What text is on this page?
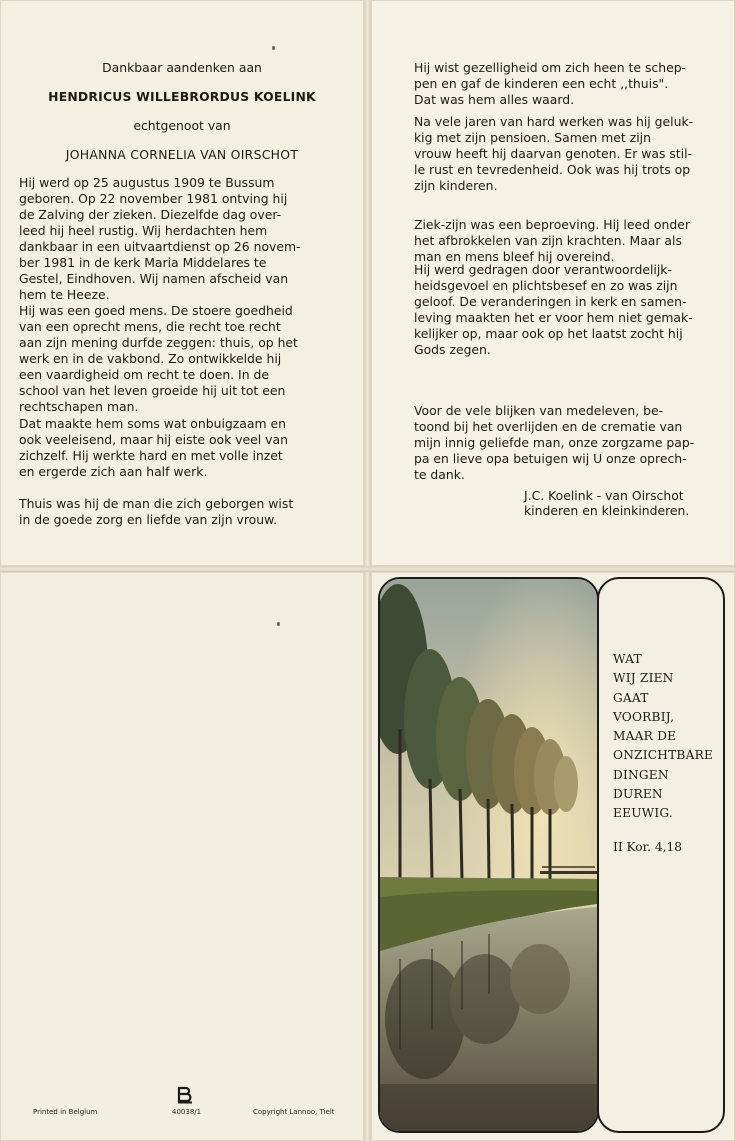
Dankbaar aandenken aan
HENDRICUS WILLEBRORDUS KOELINK
echtgenoot van
JOHANNA CORNELIA VAN OIRSCHOT
Hij werd op 25 augustus 1909 te Bussum
geboren. Op 22 november 1981 ontving hij
de Zalving der zieken. Diezelfde dag over-
leed hij heel rustig. Wij herdachten hem
dankbaar in een uitvaartdienst op 26 novem-
ber 1981 in de kerk Maria Middelares te
Gestel, Eindhoven. Wij namen afscheid van
hem te Heeze.
Hij was een goed mens. De stoere goedheid
van een oprecht mens, die recht toe recht
aan zijn mening durfde zeggen: thuis, op het
werk en in de vakbond. Zo ontwikkelde hij
een vaardigheid om recht te doen. In de
school van het leven groeide hij uit tot een
rechtschapen man.
Dat maakte hem soms wat onbuigzaam en
ook veeleisend, maar hij eiste ook veel van
zichzelf. Hij werkte hard en met volle inzet
en ergerde zich aan half werk.
Thuis was hij de man die zich geborgen wist
in de goede zorg en liefde van zijn vrouw.
Hij wist gezelligheid om zich heen te schep-
pen en gaf de kinderen een echt ,,thuis".
Dat was hem alles waard.
Na vele jaren van hard werken was hij geluk-
kig met zijn pensioen. Samen met zijn
vrouw heeft hij daarvan genoten. Er was stil-
le rust en tevredenheid. Ook was hij trots op
zijn kinderen.
Ziek-zijn was een beproeving. Hij leed onder
het afbrokkelen van zijn krachten. Maar als
man en mens bleef hij overeind.
Hij werd gedragen door verantwoordelijk-
heidsgevoel en plichtsbesef en zo was zijn
geloof. De veranderingen in kerk en samen-
leving maakten het er voor hem niet gemak-
kelijker op, maar ook op het laatst zocht hij
Gods zegen.
Voor de vele blijken van medeleven, be-
toond bij het overlijden en de crematie van
mijn innig geliefde man, onze zorgzame pap-
pa en lieve opa betuigen wij U onze oprech-
te dank.
J.C. Koelink - van Oirschot
kinderen en kleinkinderen.
Printed in Belgium	40038/1	Copyright Lannoo, Tielt
WAT
WIJ ZIEN
GAAT
VOORBIJ,
MAAR DE
ONZICHTBARE
DINGEN
DUREN
EEUWIG.
II Kor. 4,18
